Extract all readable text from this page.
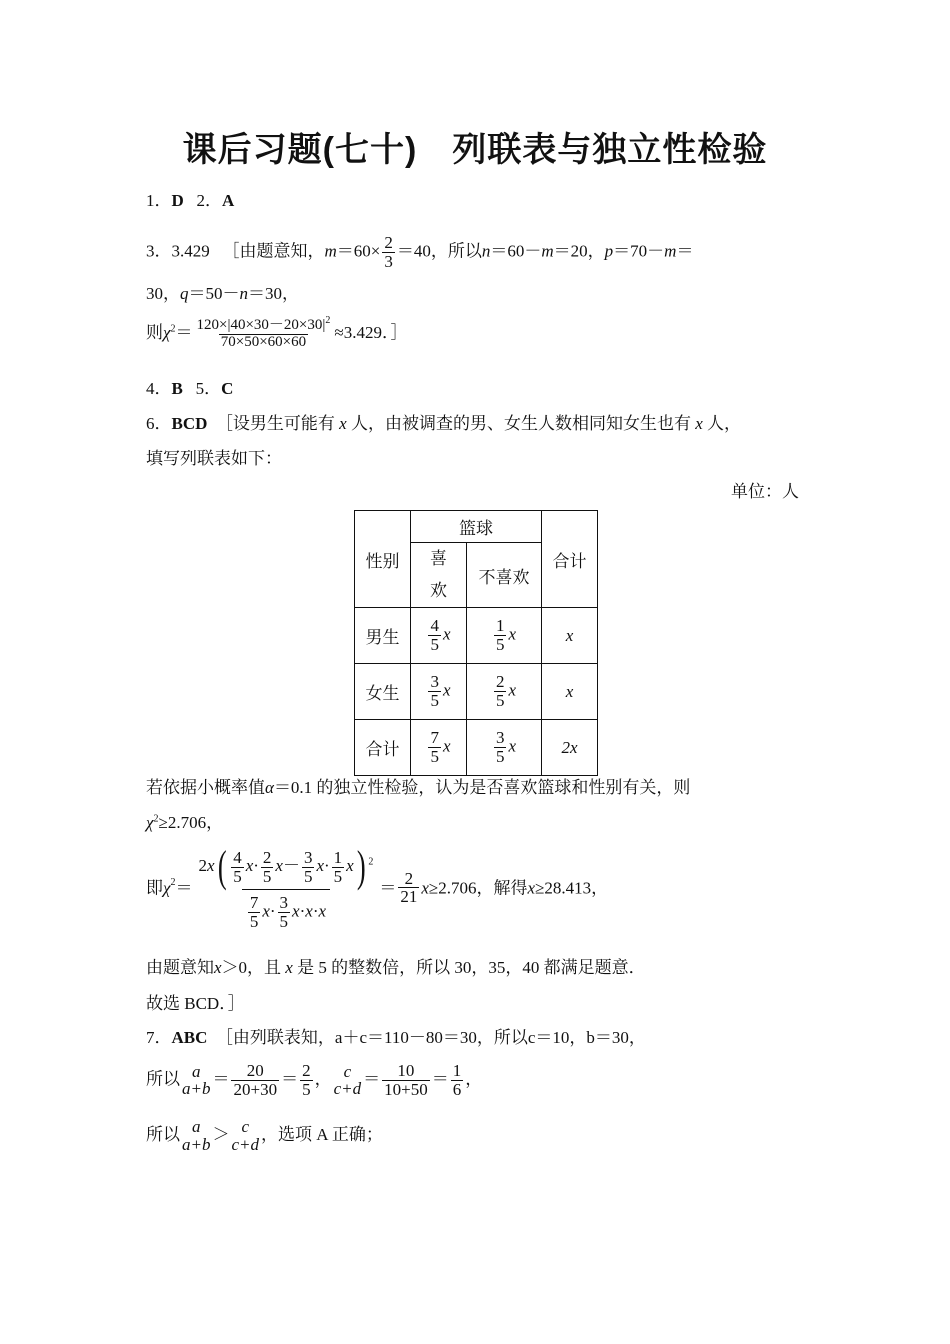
课后习题(七十)　列联表与独立性检验
1．D 2．A
3．3.429 ［由题意知，$m=60\times \frac{2}{3} =40$，所以n＝60－m＝20，p＝70－m＝
30，q＝50－n＝30，
则$\chi^2= \frac{120\times|40\times 30-20\times 30|^2}{70\times 50\times 60\times 60} \approx 3.429$．］
4．B 5．C
6．BCD ［设男生可能有 x 人，由被调查的男、女生人数相同知女生也有 x 人，
填写列联表如下：
单位：人
性别	篮球		合计

	喜欢	不喜欢	
男生	$\frac{4}{5}$ x	$\frac{1}{5}$ x	x
女生	$\frac{3}{5}$ x	$\frac{2}{5}$ x	x
合计	$\frac{7}{5}$ x	$\frac{3}{5}$ x	2x
若依据小概率值α＝0.1 的独立性检验，认为是否喜欢篮球和性别有关，则
$\chi^2\ge 2.706$，
即$\chi^2= \frac{2x( \frac{4}{5} x\cdot \frac{2}{5} x- \frac{3}{5} x\cdot \frac{1}{5} x) ^2}{\frac{7}{5} x\cdot \frac{3}{5} x\cdot x\cdot x} = \frac{2}{21} x\ge 2.706$，解得x≥28.413，
由题意知x＞0，且 x 是 5 的整数倍，所以 30，35，40 都满足题意．
故选 BCD．］
7．ABC ［由列联表知，a＋c＝110－80＝30，所以c＝10，b＝30，
所以 a
a+b
＝ $\frac{20}{20+30} = \frac{2}{5}$ ， c
c+d
＝ $\frac{10}{10+50} = \frac{1}{6}$ ，
所以 a
a+b
＞ c
c+d
，选项 A 正确；
